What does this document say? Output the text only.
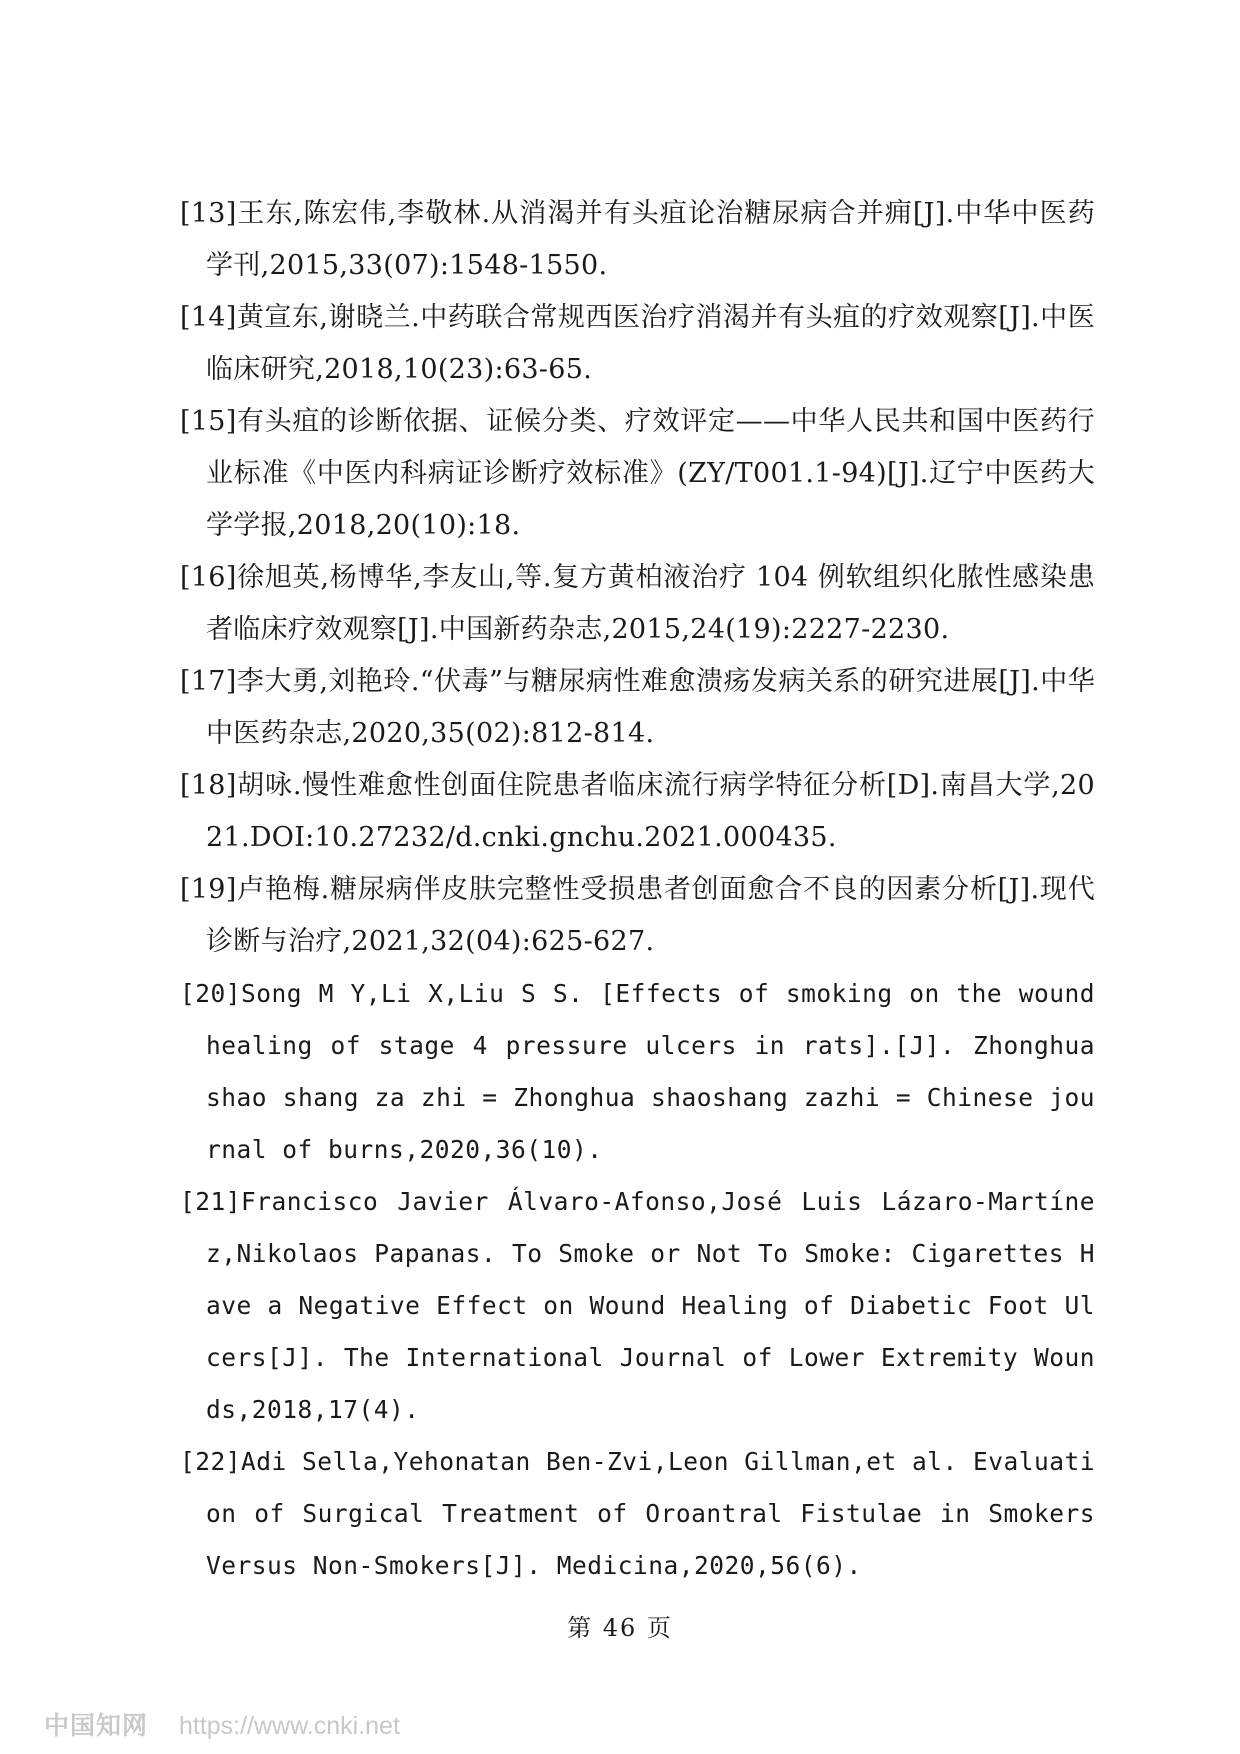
[13]王东,陈宏伟,李敬林.从消渴并有头疽论治糖尿病合并痈[J].中华中医药学刊,2015,33(07):1548-1550.

[14]黄宣东,谢晓兰.中药联合常规西医治疗消渴并有头疽的疗效观察[J].中医临床研究,2018,10(23):63-65.

[15]有头疽的诊断依据、证候分类、疗效评定——中华人民共和国中医药行业标准《中医内科病证诊断疗效标准》(ZY/T001.1-94)[J].辽宁中医药大学学报,2018,20(10):18.

[16]徐旭英,杨博华,李友山,等.复方黄柏液治疗 104 例软组织化脓性感染患者临床疗效观察[J].中国新药杂志,2015,24(19):2227-2230.

[17]李大勇,刘艳玲.“伏毒”与糖尿病性难愈溃疡发病关系的研究进展[J].中华中医药杂志,2020,35(02):812-814.

[18]胡咏.慢性难愈性创面住院患者临床流行病学特征分析[D].南昌大学,2021.DOI:10.27232/d.cnki.gnchu.2021.000435.

[19]卢艳梅.糖尿病伴皮肤完整性受损患者创面愈合不良的因素分析[J].现代诊断与治疗,2021,32(04):625-627.

[20]Song M Y,Li X,Liu S S. [Effects of smoking on the wound healing of stage 4 pressure ulcers in rats].[J]. Zhonghua shao shang za zhi = Zhonghua shaoshang zazhi = Chinese journal of burns,2020,36(10).

[21]Francisco Javier Álvaro-Afonso,José Luis Lázaro-Martínez,Nikolaos Papanas. To Smoke or Not To Smoke: Cigarettes Have a Negative Effect on Wound Healing of Diabetic Foot Ulcers[J]. The International Journal of Lower Extremity Wounds,2018,17(4).

[22]Adi Sella,Yehonatan Ben-Zvi,Leon Gillman,et al. Evaluation of Surgical Treatment of Oroantral Fistulae in Smokers Versus Non-Smokers[J]. Medicina,2020,56(6).

第 46 页
中国知网 https://www.cnki.net
